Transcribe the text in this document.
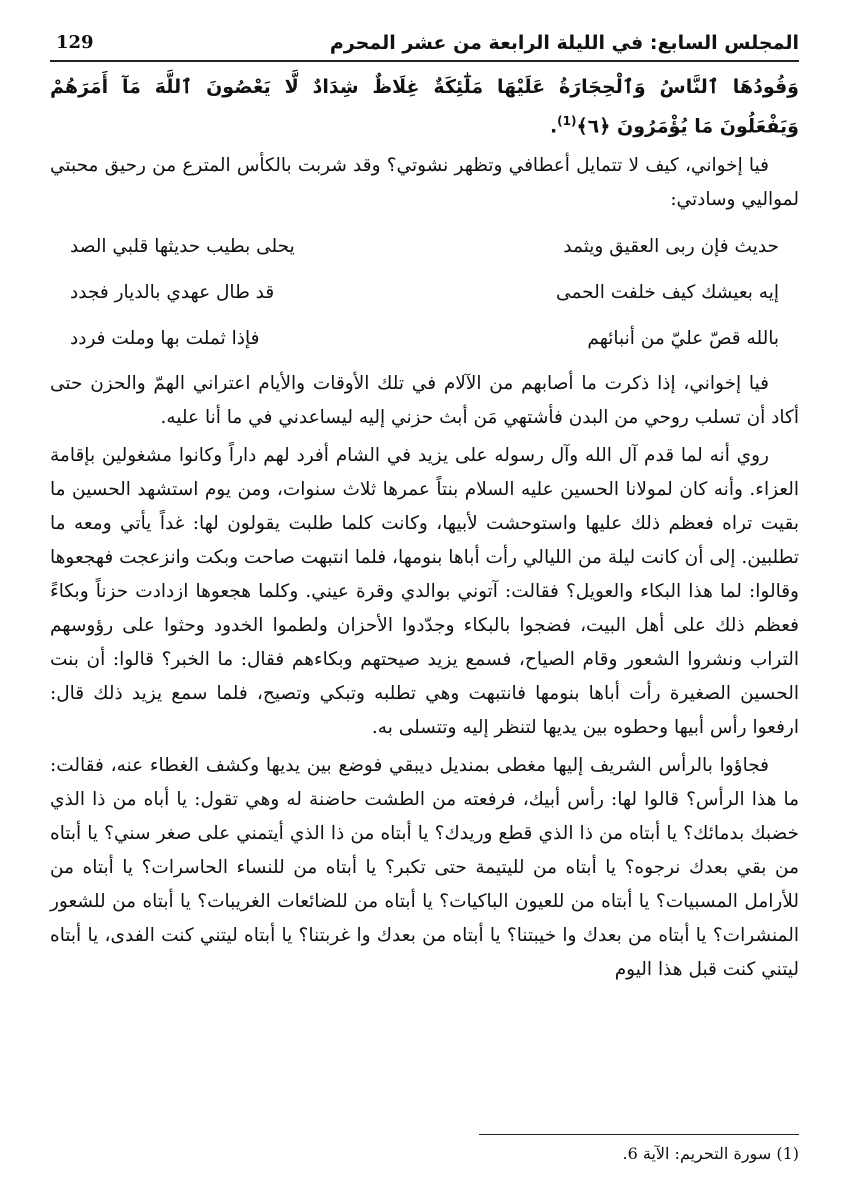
المجلس السابع: في الليلة الرابعة من عشر المحرم
129

وَقُودُهَا ٱلنَّاسُ وَٱلْحِجَارَةُ عَلَيْهَا مَلَٰٓئِكَةٌ غِلَاظٌ شِدَادٌ لَّا يَعْصُونَ ٱللَّهَ مَآ أَمَرَهُمْ وَيَفْعَلُونَ مَا يُؤْمَرُونَ ﴿٦﴾$^{(1)}$.

فيا إخواني، كيف لا تتمايل أعطافي وتظهر نشوتي؟ وقد شربت بالكأس المترع من رحيق محبتي لموالیي وسادتي:

حديث فإن ربى العقيق ويثمد
يحلى بطيب حديثها قلبي الصد
إيه بعيشك كيف خلفت الحمى
قد طال عهدي بالديار فجدد
بالله قصّ عليّ من أنبائهم
فإذا ثملت بها وملت فردد

فيا إخواني، إذا ذكرت ما أصابهم من الآلام في تلك الأوقات والأيام اعتراني الهمّ والحزن حتى أكاد أن تسلب روحي من البدن فأشتهي مَن أبث حزني إليه ليساعدني في ما أنا عليه.

روي أنه لما قدم آل الله وآل رسوله على يزيد في الشام أفرد لهم داراً وكانوا مشغولين بإقامة العزاء. وأنه كان لمولانا الحسين عليه السلام بنتاً عمرها ثلاث سنوات، ومن يوم استشهد الحسين ما بقيت تراه فعظم ذلك عليها واستوحشت لأبيها، وكانت كلما طلبت يقولون لها: غداً يأتي ومعه ما تطلبين. إلى أن كانت ليلة من الليالي رأت أباها بنومها، فلما انتبهت صاحت وبكت وانزعجت فهجعوها وقالوا: لما هذا البكاء والعويل؟ فقالت: آتوني بوالدي وقرة عيني. وكلما هجعوها ازدادت حزناً وبكاءً فعظم ذلك على أهل البيت، فضجوا بالبكاء وجدّدوا الأحزان ولطموا الخدود وحثوا على رؤوسهم التراب ونشروا الشعور وقام الصياح، فسمع يزيد صيحتهم وبكاءهم فقال: ما الخبر؟ قالوا: أن بنت الحسين الصغيرة رأت أباها بنومها فانتبهت وهي تطلبه وتبكي وتصيح، فلما سمع يزيد ذلك قال: ارفعوا رأس أبيها وحطوه بين يديها لتنظر إليه وتتسلى به.

فجاؤوا بالرأس الشريف إليها مغطى بمنديل ديبقي فوضع بين يديها وكشف الغطاء عنه، فقالت: ما هذا الرأس؟ قالوا لها: رأس أبيك، فرفعته من الطشت حاضنة له وهي تقول: يا أباه من ذا الذي خضبك بدمائك؟ يا أبتاه من ذا الذي قطع وريدك؟ يا أبتاه من ذا الذي أيتمني على صغر سني؟ يا أبتاه من بقي بعدك نرجوه؟ يا أبتاه من لليتيمة حتى تكبر؟ يا أبتاه من للنساء الحاسرات؟ يا أبتاه من للأرامل المسبيات؟ يا أبتاه من للعيون الباكيات؟ يا أبتاه من للضائعات الغريبات؟ يا أبتاه من للشعور المنشرات؟ يا أبتاه من بعدك وا خيبتنا؟ يا أبتاه من بعدك وا غربتنا؟ يا أبتاه ليتني كنت الفدى، يا أبتاه ليتني كنت قبل هذا اليوم

(1) سورة التحريم: الآية 6.
